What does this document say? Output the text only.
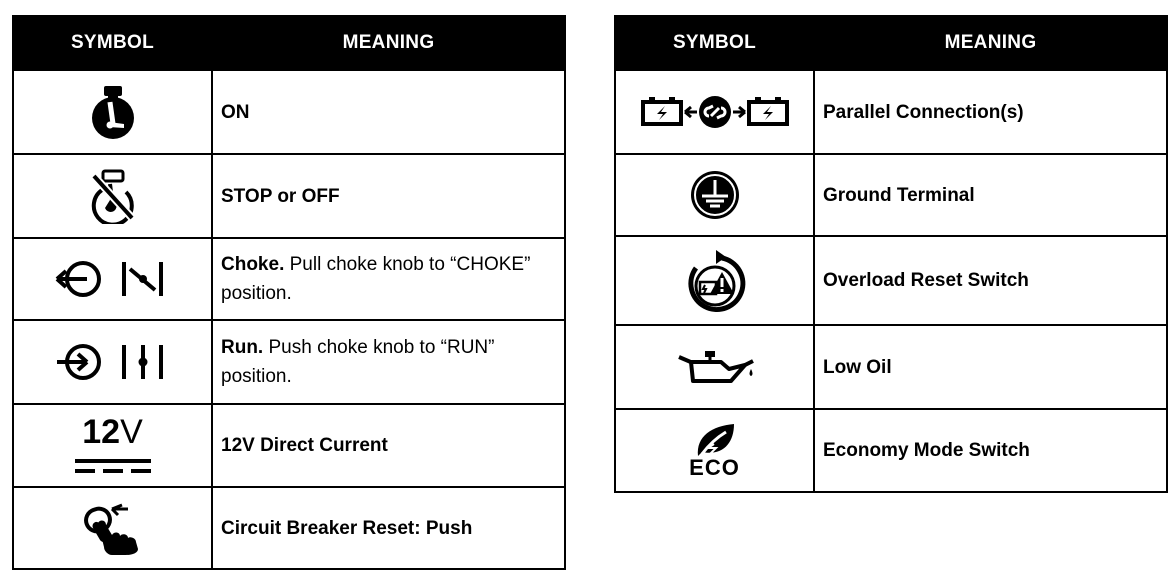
SYMBOL	MEANING

	ON

	STOP or OFF

	Choke. Pull choke knob to “CHOKE” position.

	Run. Push choke knob to “RUN” position.
12V	12V Direct Current

	Circuit Breaker Reset: Push
SYMBOL	MEANING

	Parallel Connection(s)

	Ground Terminal

	Overload Reset Switch

	Low Oil

ECO	Economy Mode Switch
